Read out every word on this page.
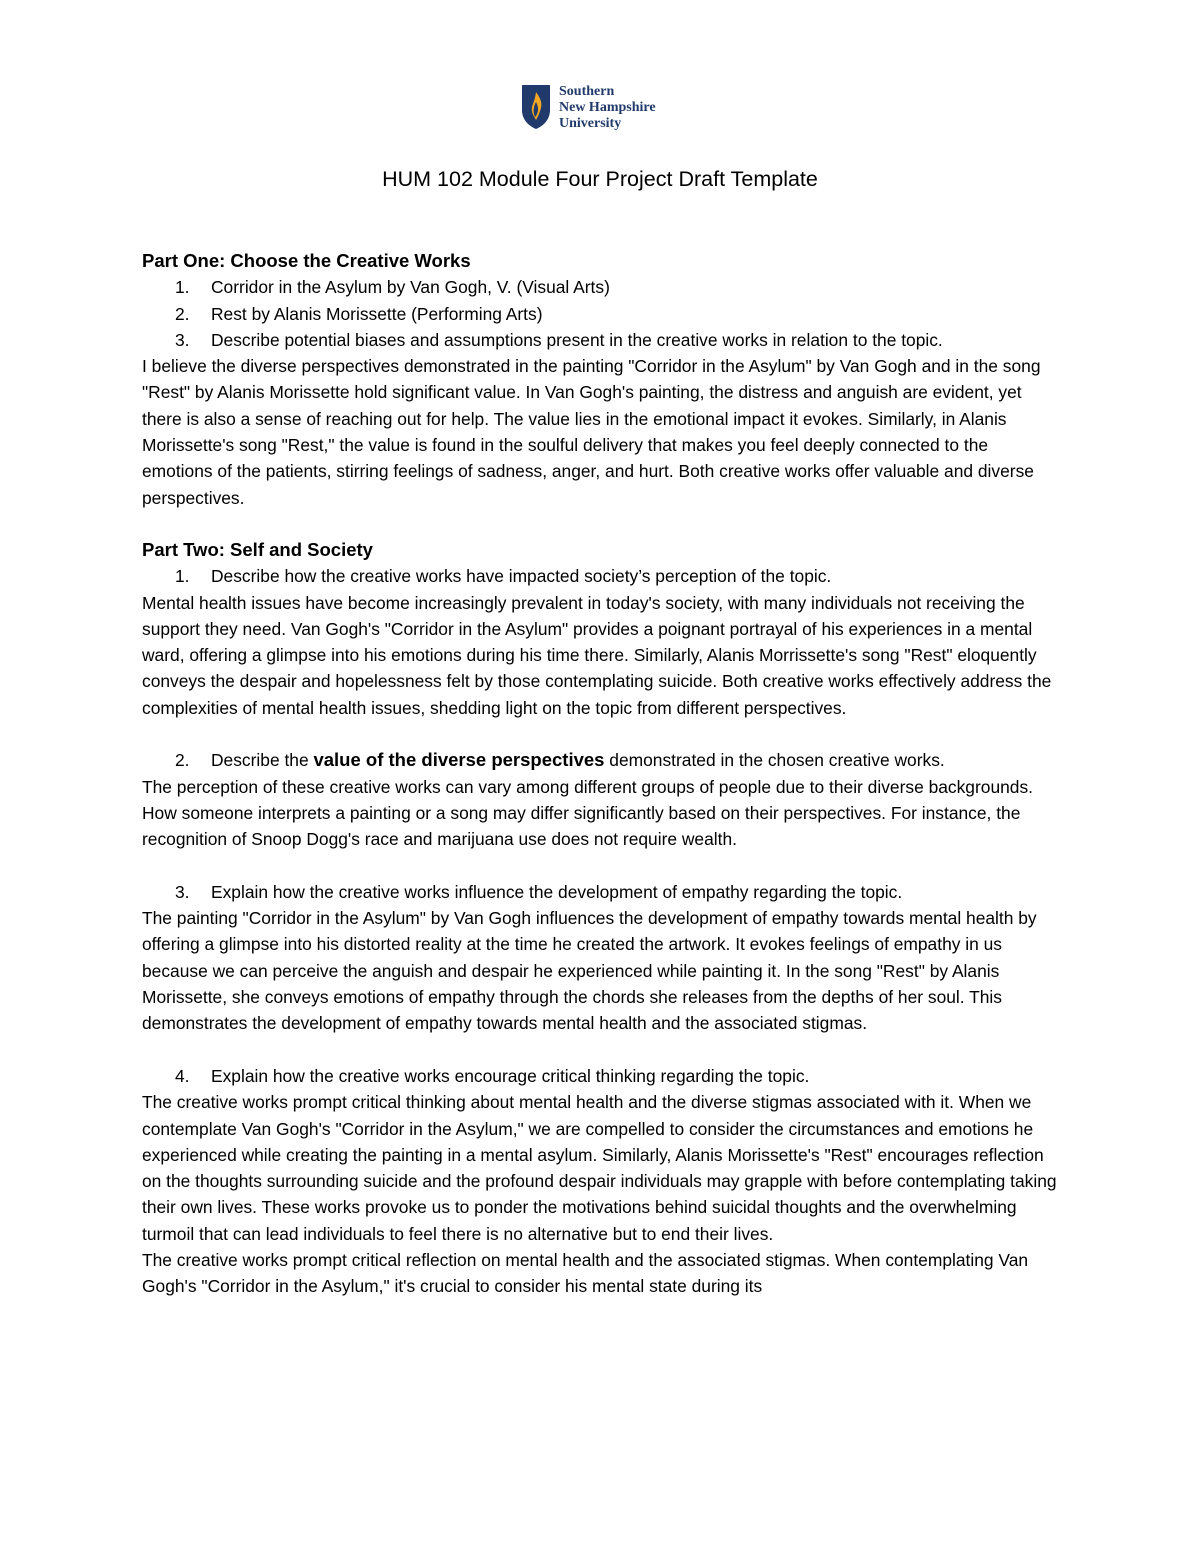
Southern
New Hampshire
University
HUM 102 Module Four Project Draft Template
Part One: Choose the Creative Works
1. Corridor in the Asylum by Van Gogh, V. (Visual Arts)
2. Rest by Alanis Morissette (Performing Arts)
3. Describe potential biases and assumptions present in the creative works in relation to the topic.
I believe the diverse perspectives demonstrated in the painting "Corridor in the Asylum" by Van Gogh and in the song "Rest" by Alanis Morissette hold significant value. In Van Gogh's painting, the distress and anguish are evident, yet there is also a sense of reaching out for help. The value lies in the emotional impact it evokes. Similarly, in Alanis Morissette's song "Rest," the value is found in the soulful delivery that makes you feel deeply connected to the emotions of the patients, stirring feelings of sadness, anger, and hurt. Both creative works offer valuable and diverse perspectives.
Part Two: Self and Society
1. Describe how the creative works have impacted society’s perception of the topic.
Mental health issues have become increasingly prevalent in today's society, with many individuals not receiving the support they need. Van Gogh's "Corridor in the Asylum" provides a poignant portrayal of his experiences in a mental ward, offering a glimpse into his emotions during his time there. Similarly, Alanis Morrissette's song "Rest" eloquently conveys the despair and hopelessness felt by those contemplating suicide. Both creative works effectively address the complexities of mental health issues, shedding light on the topic from different perspectives.
2. Describe the value of the diverse perspectives demonstrated in the chosen creative works.
The perception of these creative works can vary among different groups of people due to their diverse backgrounds. How someone interprets a painting or a song may differ significantly based on their perspectives. For instance, the recognition of Snoop Dogg's race and marijuana use does not require wealth.
3. Explain how the creative works influence the development of empathy regarding the topic.
The painting "Corridor in the Asylum" by Van Gogh influences the development of empathy towards mental health by offering a glimpse into his distorted reality at the time he created the artwork. It evokes feelings of empathy in us because we can perceive the anguish and despair he experienced while painting it. In the song "Rest" by Alanis Morissette, she conveys emotions of empathy through the chords she releases from the depths of her soul. This demonstrates the development of empathy towards mental health and the associated stigmas.
4. Explain how the creative works encourage critical thinking regarding the topic.
The creative works prompt critical thinking about mental health and the diverse stigmas associated with it. When we contemplate Van Gogh's "Corridor in the Asylum," we are compelled to consider the circumstances and emotions he experienced while creating the painting in a mental asylum. Similarly, Alanis Morissette's "Rest" encourages reflection on the thoughts surrounding suicide and the profound despair individuals may grapple with before contemplating taking their own lives. These works provoke us to ponder the motivations behind suicidal thoughts and the overwhelming turmoil that can lead individuals to feel there is no alternative but to end their lives.
The creative works prompt critical reflection on mental health and the associated stigmas. When contemplating Van Gogh's "Corridor in the Asylum," it's crucial to consider his mental state during its
